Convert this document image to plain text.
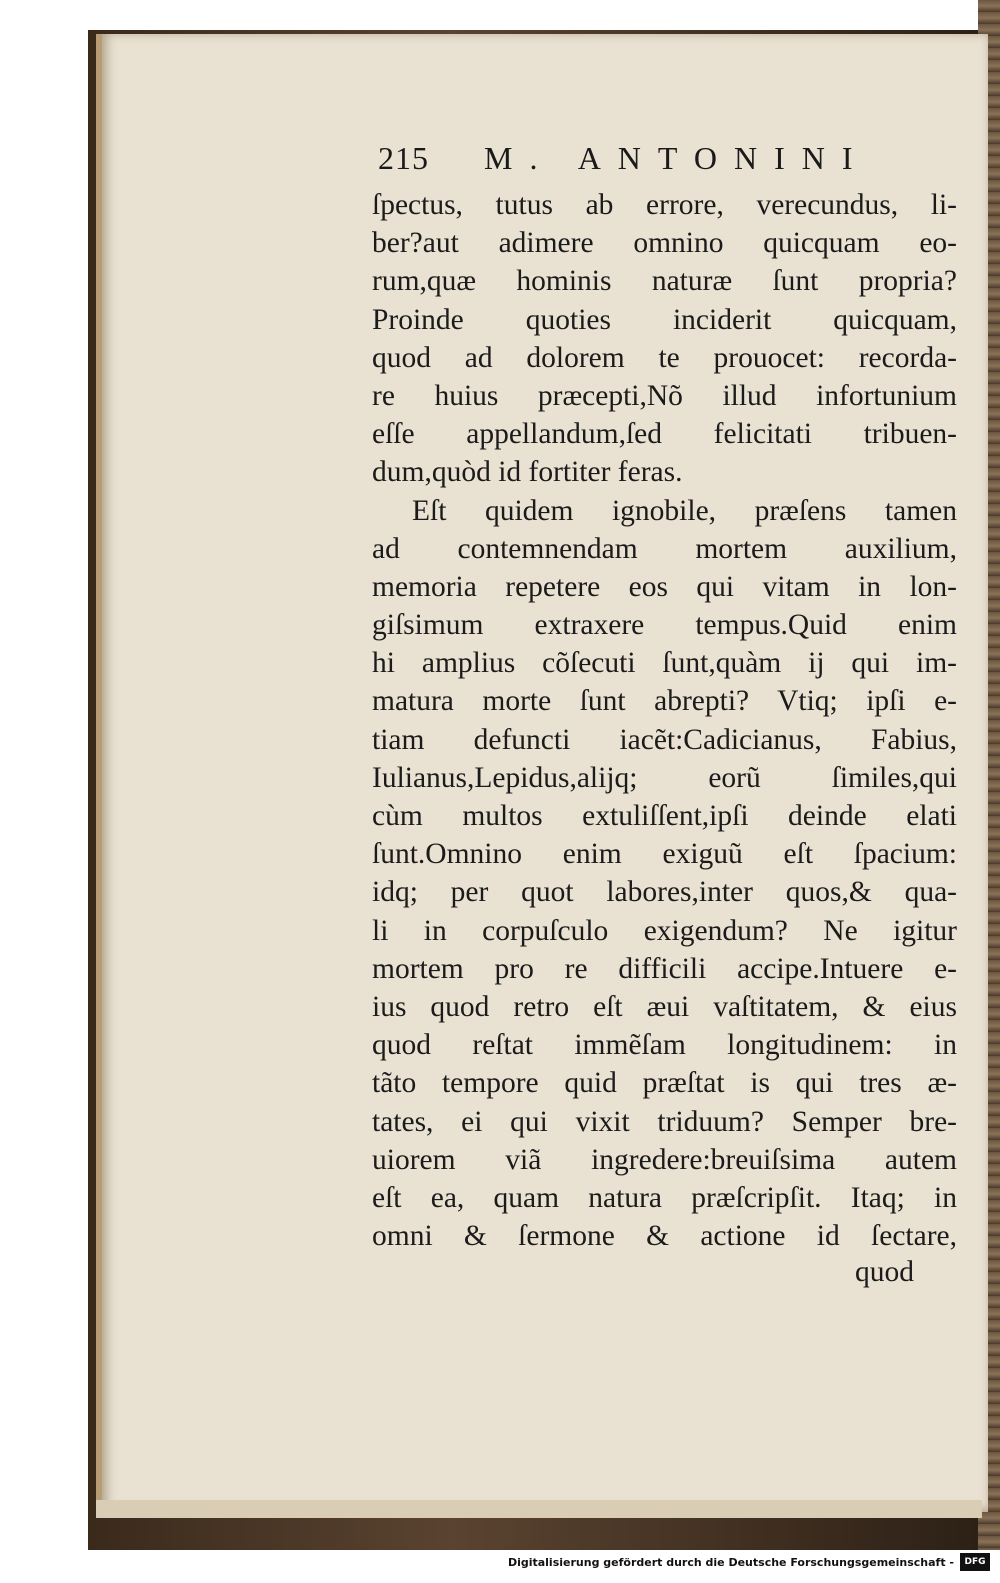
215 M. ANTONINI
ſpectus, tutus ab errore, verecundus, li-
ber?aut adimere omnino quicquam eo-
rum,quæ hominis naturæ ſunt propria?
Proinde quoties inciderit quicquam,
quod ad dolorem te prouocet: recorda-
re huius præcepti,Nõ illud infortunium
eſſe appellandum,ſed felicitati tribuen-
dum,quòd id fortiter feras.
Eſt quidem ignobile, præſens tamen
ad contemnendam mortem auxilium,
memoria repetere eos qui vitam in lon-
giſsimum extraxere tempus.Quid enim
hi amplius cõſecuti ſunt,quàm ij qui im-
matura morte ſunt abrepti? Vtiq; ipſi e-
tiam defuncti iacẽt:Cadicianus, Fabius,
Iulianus,Lepidus,alijq; eorũ ſimiles,qui
cùm multos extuliſſent,ipſi deinde elati
ſunt.Omnino enim exiguũ eſt ſpacium:
idq; per quot labores,inter quos,& qua-
li in corpuſculo exigendum? Ne igitur
mortem pro re difficili accipe.Intuere e-
ius quod retro eſt æui vaſtitatem, & eius
quod reſtat immẽſam longitudinem: in
tãto tempore quid præſtat is qui tres æ-
tates, ei qui vixit triduum? Semper bre-
uiorem viã ingredere:breuiſsima autem
eſt ea, quam natura præſcripſit. Itaq; in
omni & ſermone & actione id ſectare,
quod
Digitalisierung gefördert durch die Deutsche Forschungsgemeinschaft -	DFG
